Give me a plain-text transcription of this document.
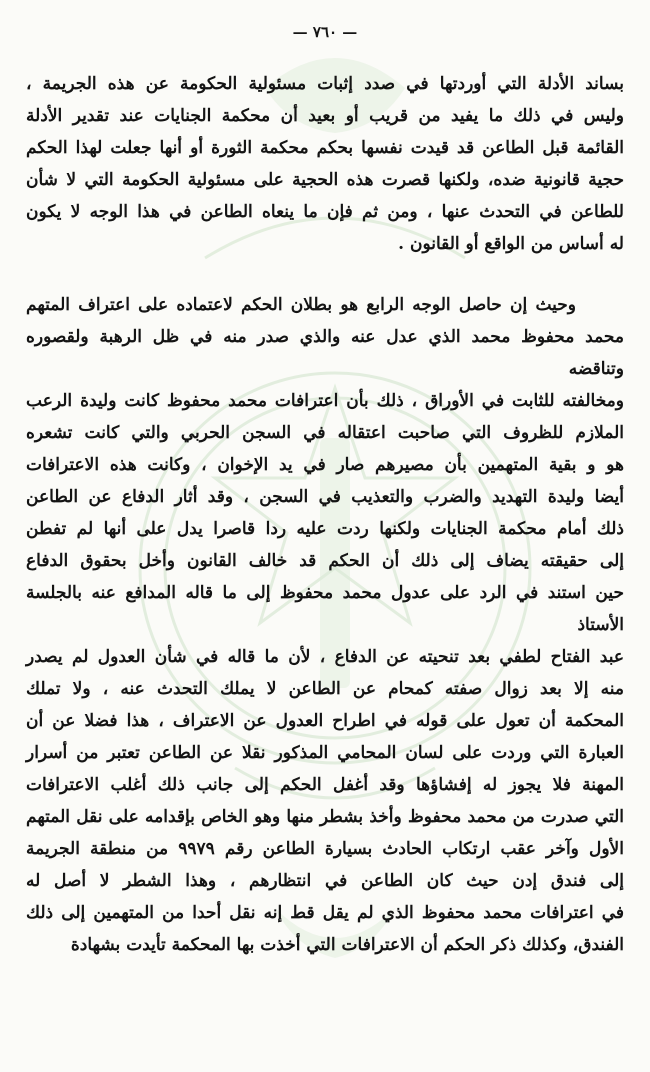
— ٧٦٠ —

بساند الأدلة التي أوردتها في صدد إثبات مسئولية الحكومة عن هذه الجريمة ،

وليس في ذلك ما يفيد من قريب أو بعيد أن محكمة الجنايات عند تقدير الأدلة

القائمة قبل الطاعن قد قيدت نفسها بحكم محكمة الثورة أو أنها جعلت لهذا الحكم

حجية قانونية ضده، ولكنها قصرت هذه الحجية على مسئولية الحكومة التي لا شأن

للطاعن في التحدث عنها ، ومن ثم فإن ما ينعاه الطاعن في هذا الوجه لا يكون

له أساس من الواقع أو القانون .

وحيث إن حاصل الوجه الرابع هو بطلان الحكم لاعتماده على اعتراف المتهم

محمد محفوظ محمد الذي عدل عنه والذي صدر منه في ظل الرهبة ولقصوره وتناقضه

ومخالفته للثابت في الأوراق ، ذلك بأن اعترافات محمد محفوظ كانت وليدة الرعب

الملازم للظروف التي صاحبت اعتقاله في السجن الحربي والتي كانت تشعره

هو و بقية المتهمين بأن مصيرهم صار في يد الإخوان ، وكانت هذه الاعترافات

أيضا وليدة التهديد والضرب والتعذيب في السجن ، وقد أثار الدفاع عن الطاعن

ذلك أمام محكمة الجنايات ولكنها ردت عليه ردا قاصرا يدل على أنها لم تفطن

إلى حقيقته يضاف إلى ذلك أن الحكم قد خالف القانون وأخل بحقوق الدفاع

حين استند في الرد على عدول محمد محفوظ إلى ما قاله المدافع عنه بالجلسة الأستاذ

عبد الفتاح لطفي بعد تنحيته عن الدفاع ، لأن ما قاله في شأن العدول لم يصدر

منه إلا بعد زوال صفته كمحام عن الطاعن لا يملك التحدث عنه ، ولا تملك

المحكمة أن تعول على قوله في اطراح العدول عن الاعتراف ، هذا فضلا عن أن

العبارة التي وردت على لسان المحامي المذكور نقلا عن الطاعن تعتبر من أسرار

المهنة فلا يجوز له إفشاؤها وقد أغفل الحكم إلى جانب ذلك أغلب الاعترافات

التي صدرت من محمد محفوظ وأخذ بشطر منها وهو الخاص بإقدامه على نقل المتهم

الأول وآخر عقب ارتكاب الحادث بسيارة الطاعن رقم ٩٩٧٩ من منطقة الجريمة

إلى فندق إدن حيث كان الطاعن في انتظارهم ، وهذا الشطر لا أصل له

في اعترافات محمد محفوظ الذي لم يقل قط إنه نقل أحدا من المتهمين إلى ذلك

الفندق، وكذلك ذكر الحكم أن الاعترافات التي أخذت بها المحكمة تأيدت بشهادة
